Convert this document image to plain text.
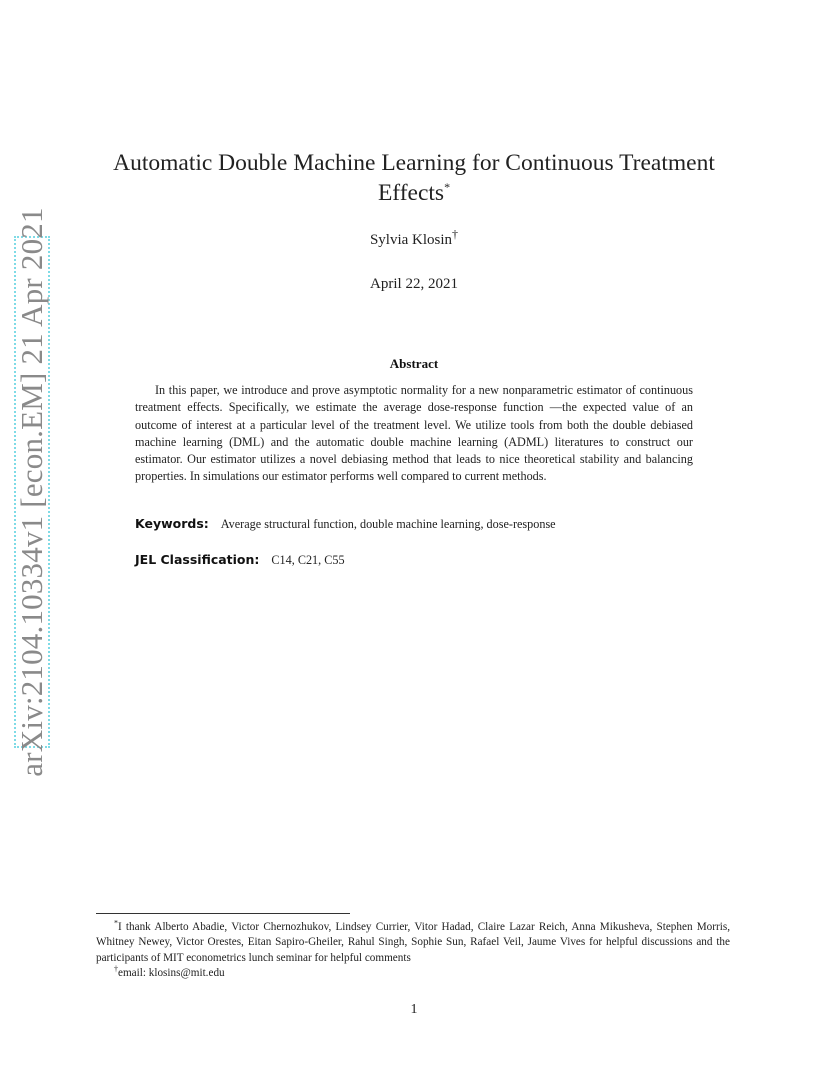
arXiv:2104.10334v1 [econ.EM] 21 Apr 2021
Automatic Double Machine Learning for Continuous Treatment Effects*
Sylvia Klosin†
April 22, 2021
Abstract

In this paper, we introduce and prove asymptotic normality for a new nonparametric estimator of continuous treatment effects. Specifically, we estimate the average dose-response function —the expected value of an outcome of interest at a particular level of the treatment level. We utilize tools from both the double debiased machine learning (DML) and the automatic double machine learning (ADML) literatures to construct our estimator. Our estimator utilizes a novel debiasing method that leads to nice theoretical stability and balancing properties. In simulations our estimator performs well compared to current methods.

Keywords: Average structural function, double machine learning, dose-response
JEL Classification: C14, C21, C55

*I thank Alberto Abadie, Victor Chernozhukov, Lindsey Currier, Vitor Hadad, Claire Lazar Reich, Anna Mikusheva, Stephen Morris, Whitney Newey, Victor Orestes, Eitan Sapiro-Gheiler, Rahul Singh, Sophie Sun, Rafael Veil, Jaume Vives for helpful discussions and the participants of MIT econometrics lunch seminar for helpful comments

†email: klosins@mit.edu

1
